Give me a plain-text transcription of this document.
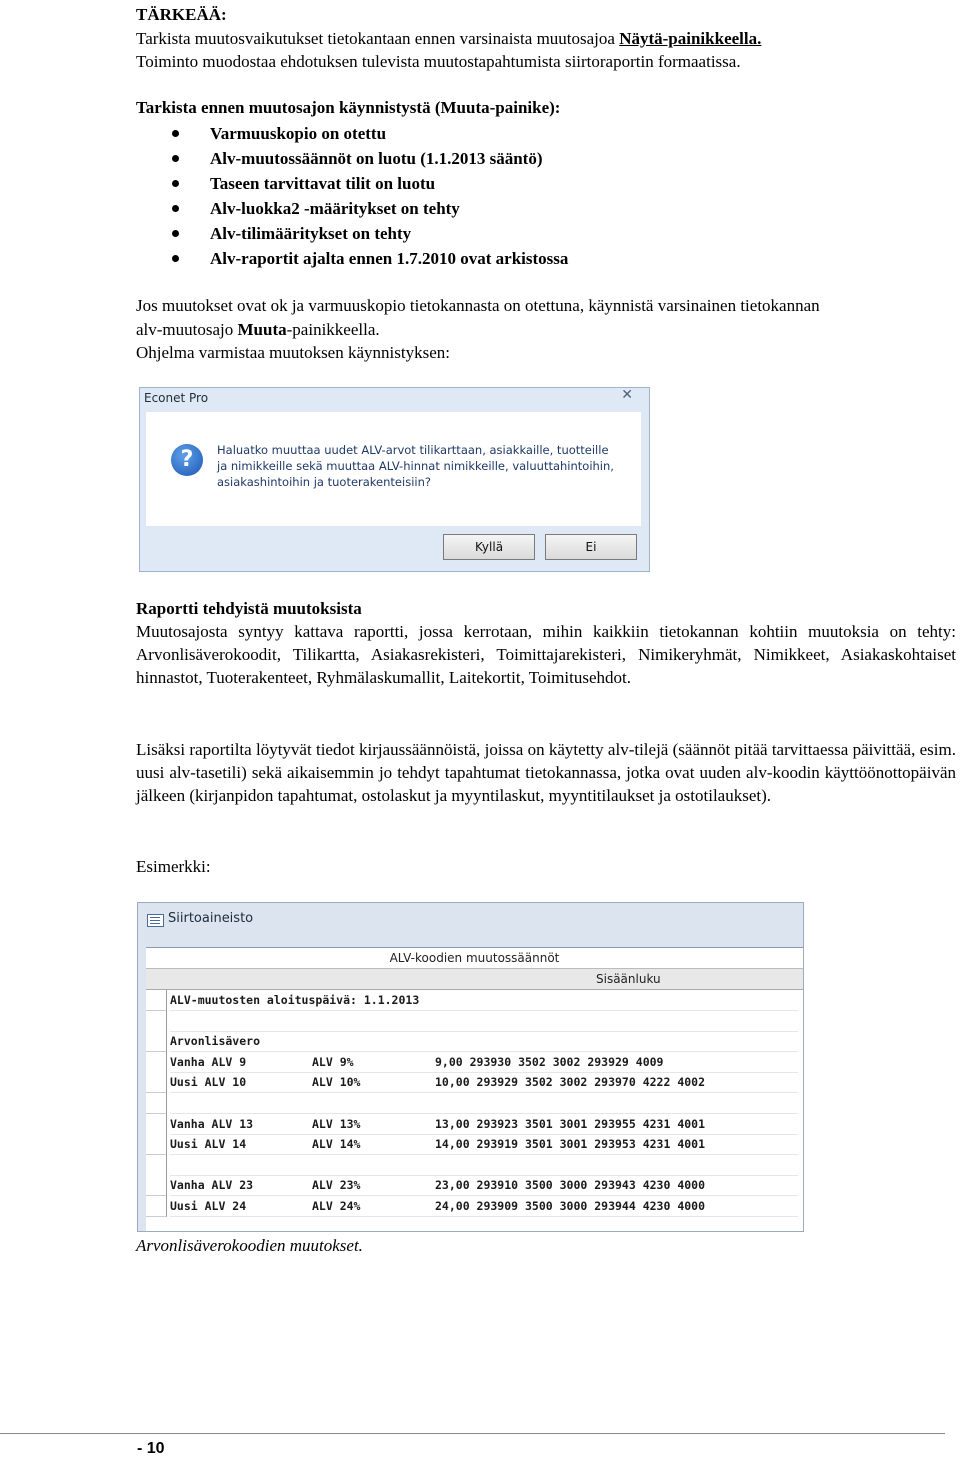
TÄRKEÄÄ:
Tarkista muutosvaikutukset tietokantaan ennen varsinaista muutosajoa Näytä-painikkeella.
Toiminto muodostaa ehdotuksen tulevista muutostapahtumista siirtoraportin formaatissa.
Tarkista ennen muutosajon käynnistystä (Muuta-painike):
Varmuuskopio on otettu
Alv-muutossäännöt on luotu (1.1.2013 sääntö)
Taseen tarvittavat tilit on luotu
Alv-luokka2 -määritykset on tehty
Alv-tilimääritykset on tehty
Alv-raportit ajalta ennen 1.7.2010 ovat arkistossa
Jos muutokset ovat ok ja varmuuskopio tietokannasta on otettuna, käynnistä varsinainen tietokannan
alv-muutosajo Muuta-painikkeella.
Ohjelma varmistaa muutoksen käynnistyksen:
Econet Pro	✕
?	Haluatko muuttaa uudet ALV-arvot tilikarttaan, asiakkaille, tuotteille
ja nimikkeille sekä muuttaa ALV-hinnat nimikkeille, valuuttahintoihin,
asiakashintoihin ja tuoterakenteisiin?
Kyllä	Ei
Raportti tehdyistä muutoksista
Muutosajosta syntyy kattava raportti, jossa kerrotaan, mihin kaikkiin tietokannan kohtiin muutoksia on tehty: Arvonlisäverokoodit, Tilikartta, Asiakasrekisteri, Toimittajarekisteri, Nimikeryhmät, Nimikkeet, Asiakaskohtaiset hinnastot, Tuoterakenteet, Ryhmälaskumallit, Laitekortit, Toimitusehdot.
Lisäksi raportilta löytyvät tiedot kirjaussäännöistä, joissa on käytetty alv-tilejä (säännöt pitää tarvittaessa päivittää, esim. uusi alv-tasetili) sekä aikaisemmin jo tehdyt tapahtumat tietokannassa, jotka ovat uuden alv-koodin käyttöönottopäivän jälkeen (kirjanpidon tapahtumat, ostolaskut ja myyntilaskut, myyntitilaukset ja ostotilaukset).
Esimerkki:
Siirtoaineisto
ALV-koodien muutossäännöt
Sisäänluku
ALV-muutosten aloituspäivä: 1.1.2013
Arvonlisävero
Vanha ALV 9	ALV 9%	9,00 293930 3502 3002 293929 4009
Uusi ALV 10	ALV 10%	10,00 293929 3502 3002 293970 4222 4002
Vanha ALV 13	ALV 13%	13,00 293923 3501 3001 293955 4231 4001
Uusi ALV 14	ALV 14%	14,00 293919 3501 3001 293953 4231 4001
Vanha ALV 23	ALV 23%	23,00 293910 3500 3000 293943 4230 4000
Uusi ALV 24	ALV 24%	24,00 293909 3500 3000 293944 4230 4000
Arvonlisäverokoodien muutokset.
- 10
